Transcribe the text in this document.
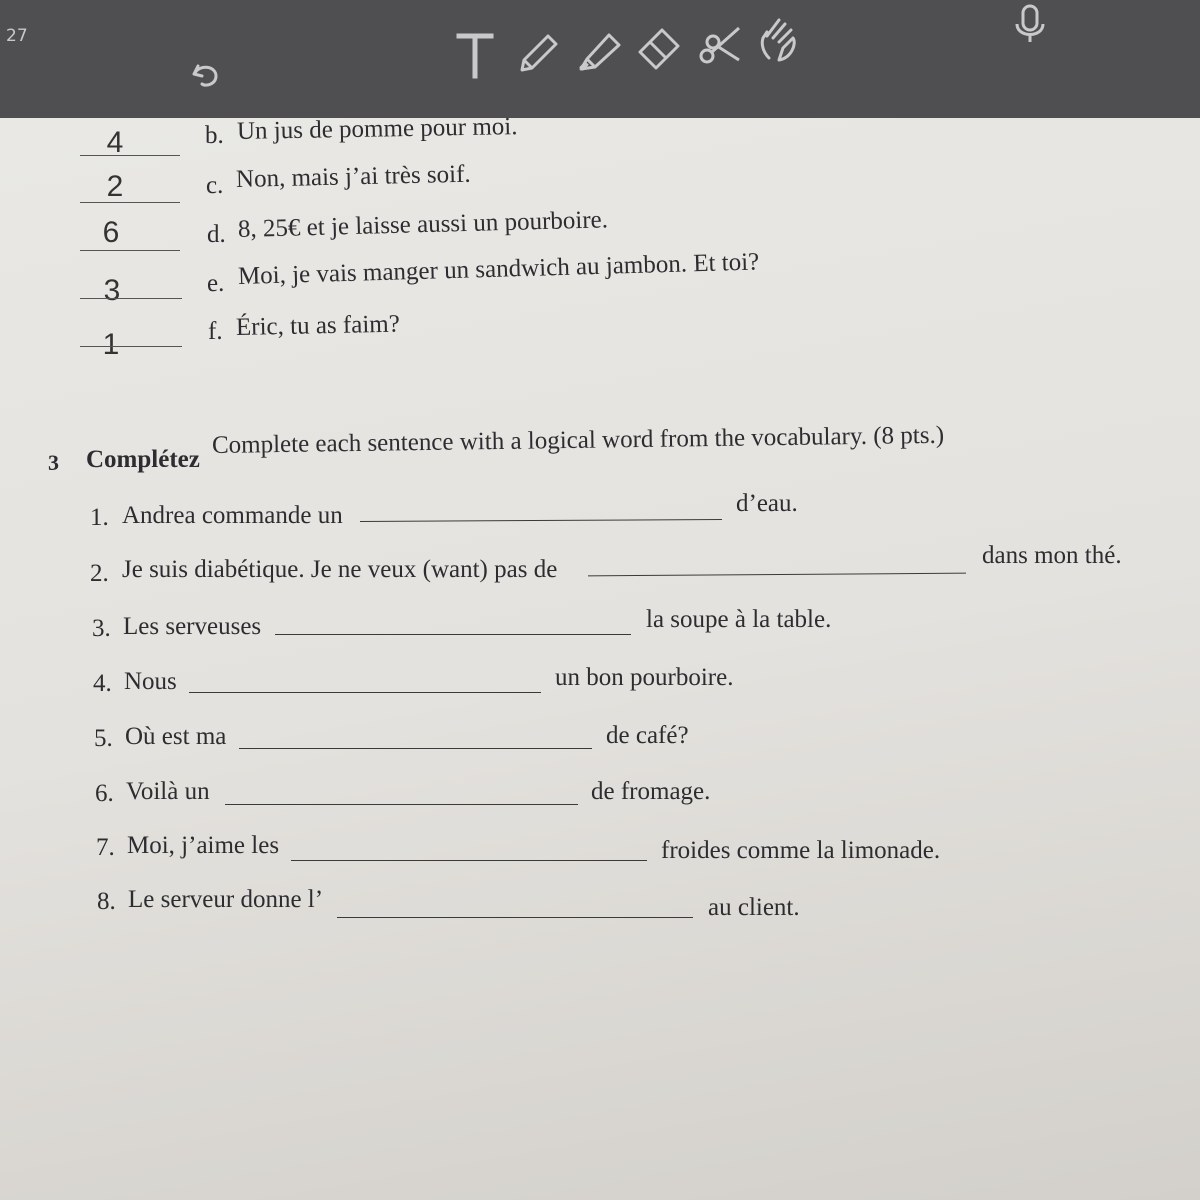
27
4	b. Un jus de pomme pour moi.
2	c. Non, mais j’ai très soif.
6	d. 8, 25€ et je laisse aussi un pourboire.
3	e. Moi, je vais manger un sandwich au jambon. Et toi?
1	f. Éric, tu as faim?
3 Complétez
Complete each sentence with a logical word from the vocabulary. (8 pts.)
1. Andrea commande un	d’eau.
2. Je suis diabétique. Je ne veux (want) pas de
dans mon thé.
3. Les serveuses	la soupe à la table.
4. Nous	un bon pourboire.
5. Où est ma	de café?
6. Voilà un	de fromage.
7. Moi, j’aime les	froides comme la limonade.
8. Le serveur donne l’	au client.
